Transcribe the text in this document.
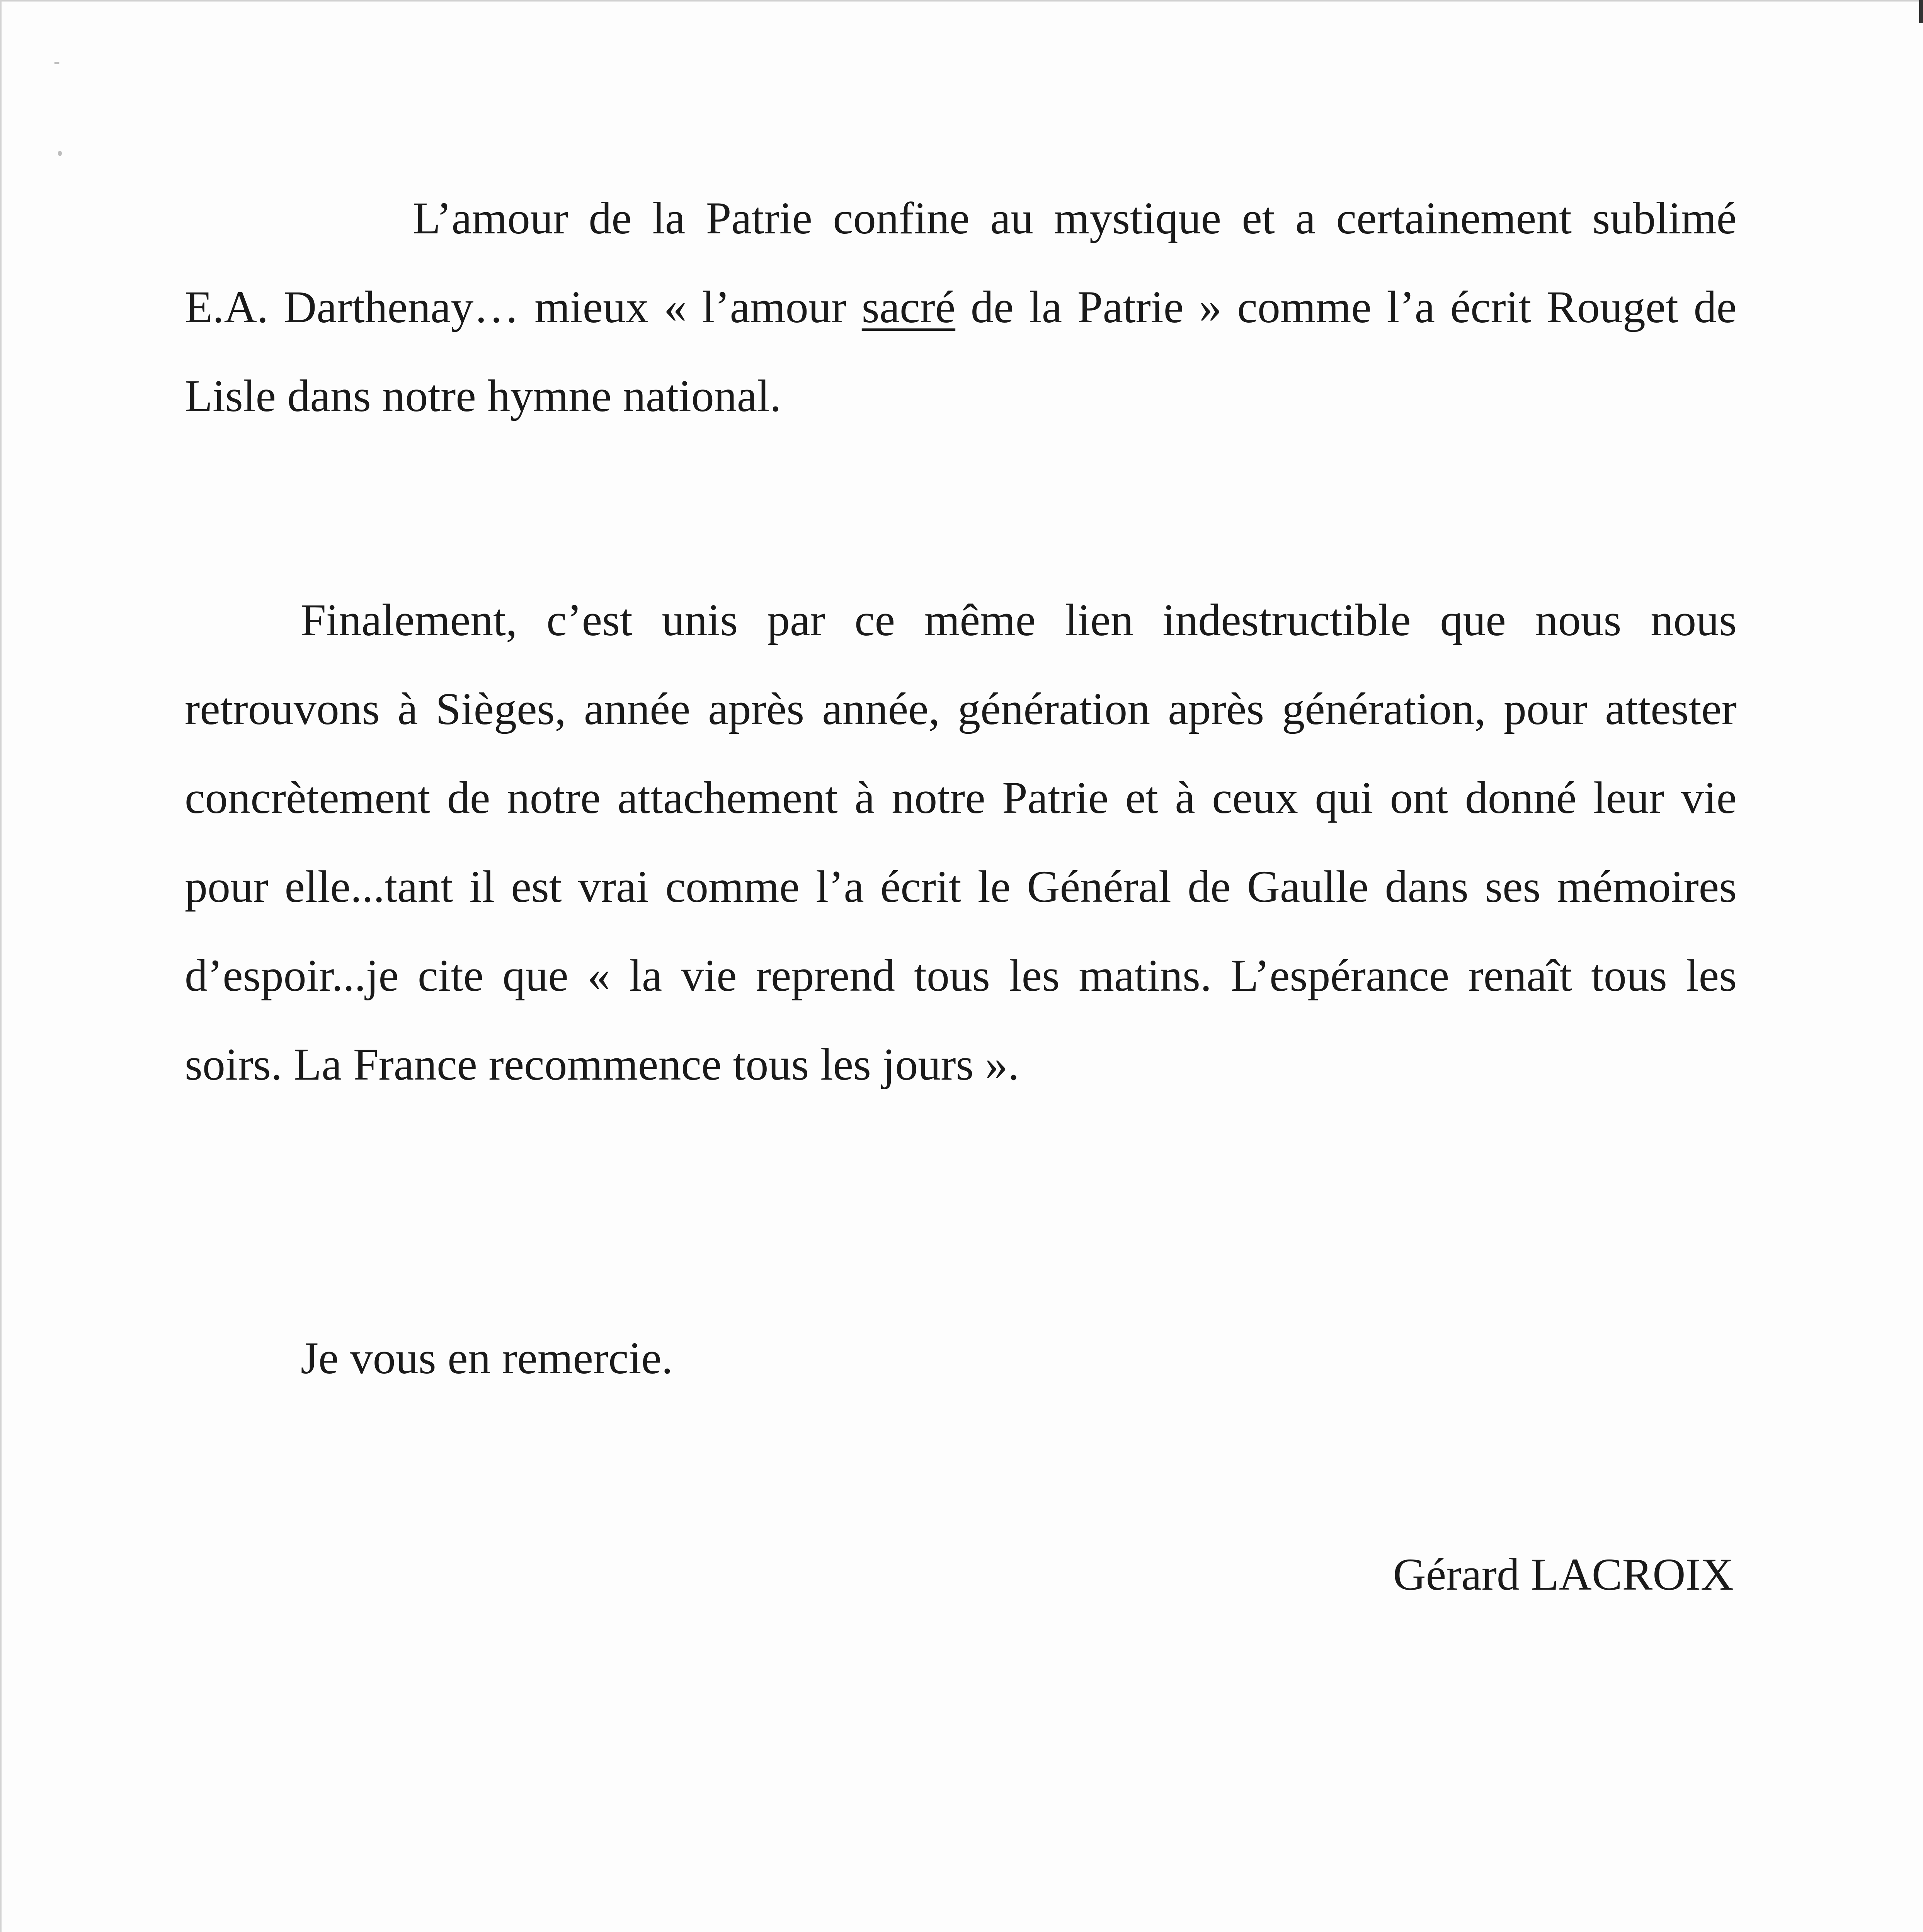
L’amour de la Patrie confine au mystique et a certainement sublimé E.A. Darthenay… mieux « l’amour sacré de la Patrie » comme l’a écrit Rouget de Lisle dans notre hymne national.

Finalement, c’est unis par ce même lien indestructible que nous nous retrouvons à Sièges, année après année, génération après génération, pour attester concrètement de notre attachement à notre Patrie et à ceux qui ont donné leur vie pour elle...tant il est vrai comme l’a écrit le Général de Gaulle dans ses mémoires d’espoir...je cite que « la vie reprend tous les matins. L’espérance renaît tous les soirs. La France recommence tous les jours ».

Je vous en remercie.

Gérard LACROIX
